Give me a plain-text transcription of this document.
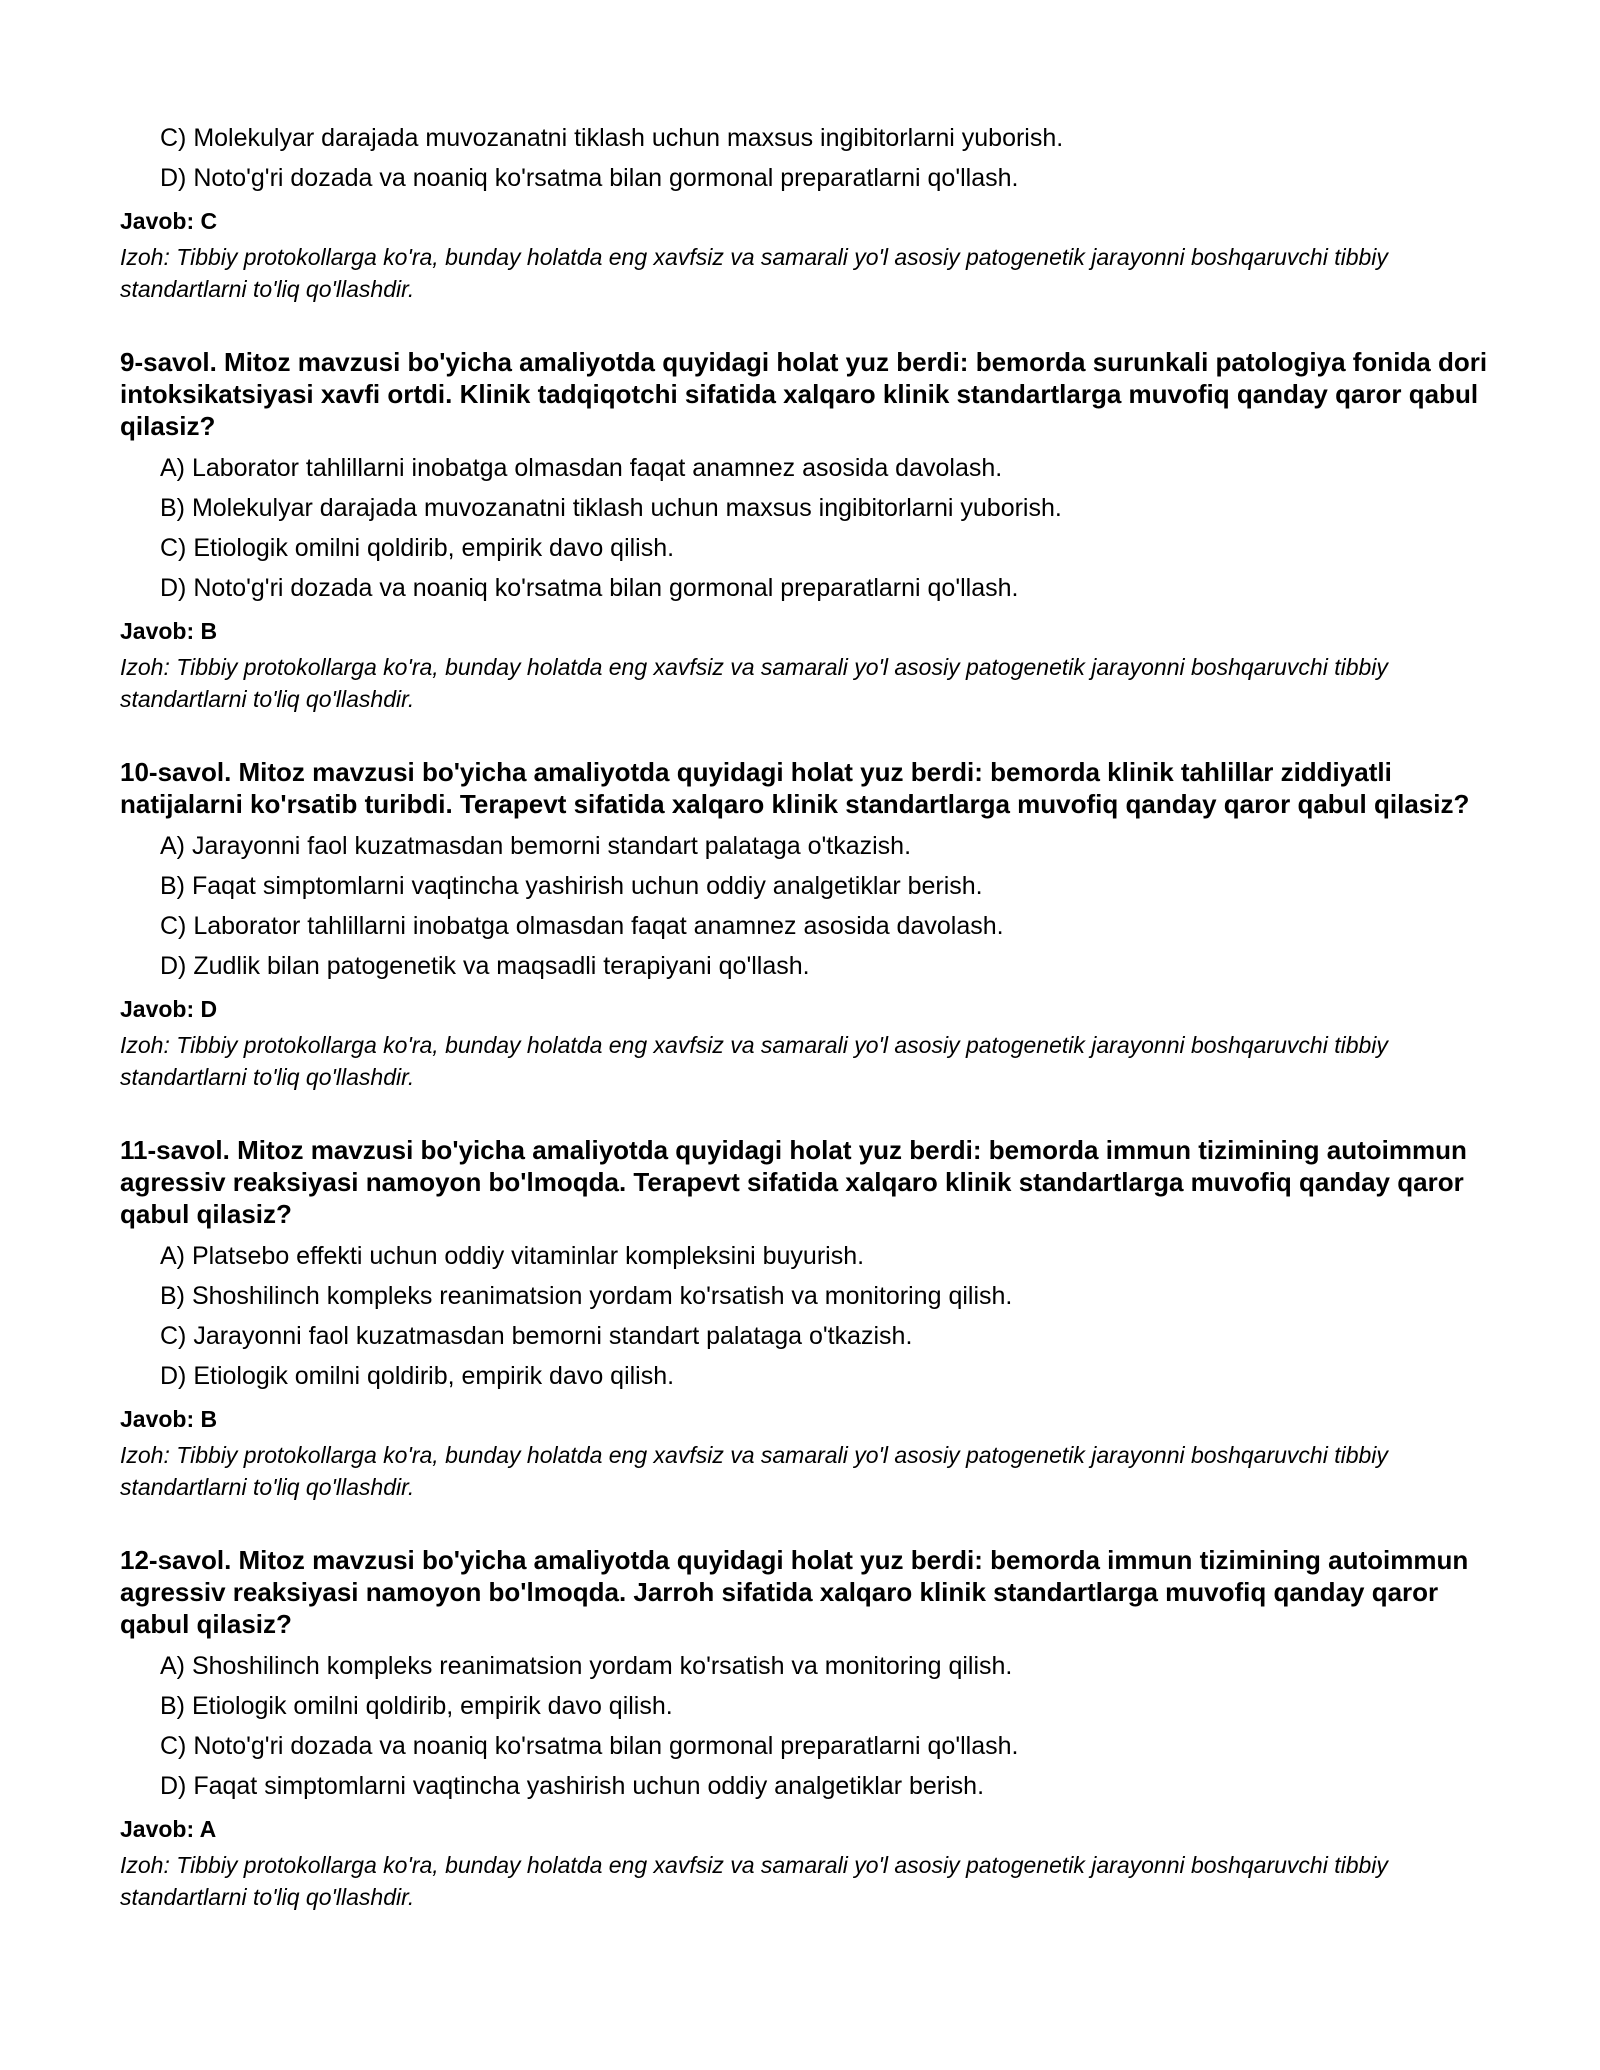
C) Molekulyar darajada muvozanatni tiklash uchun maxsus ingibitorlarni yuborish.
D) Noto'g'ri dozada va noaniq ko'rsatma bilan gormonal preparatlarni qo'llash.
Javob: C
Izoh: Tibbiy protokollarga ko'ra, bunday holatda eng xavfsiz va samarali yo'l asosiy patogenetik jarayonni boshqaruvchi tibbiy standartlarni to'liq qo'llashdir.
9-savol. Mitoz mavzusi bo'yicha amaliyotda quyidagi holat yuz berdi: bemorda surunkali patologiya fonida dori intoksikatsiyasi xavfi ortdi. Klinik tadqiqotchi sifatida xalqaro klinik standartlarga muvofiq qanday qaror qabul qilasiz?
A) Laborator tahlillarni inobatga olmasdan faqat anamnez asosida davolash.
B) Molekulyar darajada muvozanatni tiklash uchun maxsus ingibitorlarni yuborish.
C) Etiologik omilni qoldirib, empirik davo qilish.
D) Noto'g'ri dozada va noaniq ko'rsatma bilan gormonal preparatlarni qo'llash.
Javob: B
Izoh: Tibbiy protokollarga ko'ra, bunday holatda eng xavfsiz va samarali yo'l asosiy patogenetik jarayonni boshqaruvchi tibbiy standartlarni to'liq qo'llashdir.
10-savol. Mitoz mavzusi bo'yicha amaliyotda quyidagi holat yuz berdi: bemorda klinik tahlillar ziddiyatli natijalarni ko'rsatib turibdi. Terapevt sifatida xalqaro klinik standartlarga muvofiq qanday qaror qabul qilasiz?
A) Jarayonni faol kuzatmasdan bemorni standart palataga o'tkazish.
B) Faqat simptomlarni vaqtincha yashirish uchun oddiy analgetiklar berish.
C) Laborator tahlillarni inobatga olmasdan faqat anamnez asosida davolash.
D) Zudlik bilan patogenetik va maqsadli terapiyani qo'llash.
Javob: D
Izoh: Tibbiy protokollarga ko'ra, bunday holatda eng xavfsiz va samarali yo'l asosiy patogenetik jarayonni boshqaruvchi tibbiy standartlarni to'liq qo'llashdir.
11-savol. Mitoz mavzusi bo'yicha amaliyotda quyidagi holat yuz berdi: bemorda immun tizimining autoimmun agressiv reaksiyasi namoyon bo'lmoqda. Terapevt sifatida xalqaro klinik standartlarga muvofiq qanday qaror qabul qilasiz?
A) Platsebo effekti uchun oddiy vitaminlar kompleksini buyurish.
B) Shoshilinch kompleks reanimatsion yordam ko'rsatish va monitoring qilish.
C) Jarayonni faol kuzatmasdan bemorni standart palataga o'tkazish.
D) Etiologik omilni qoldirib, empirik davo qilish.
Javob: B
Izoh: Tibbiy protokollarga ko'ra, bunday holatda eng xavfsiz va samarali yo'l asosiy patogenetik jarayonni boshqaruvchi tibbiy standartlarni to'liq qo'llashdir.
12-savol. Mitoz mavzusi bo'yicha amaliyotda quyidagi holat yuz berdi: bemorda immun tizimining autoimmun agressiv reaksiyasi namoyon bo'lmoqda. Jarroh sifatida xalqaro klinik standartlarga muvofiq qanday qaror qabul qilasiz?
A) Shoshilinch kompleks reanimatsion yordam ko'rsatish va monitoring qilish.
B) Etiologik omilni qoldirib, empirik davo qilish.
C) Noto'g'ri dozada va noaniq ko'rsatma bilan gormonal preparatlarni qo'llash.
D) Faqat simptomlarni vaqtincha yashirish uchun oddiy analgetiklar berish.
Javob: A
Izoh: Tibbiy protokollarga ko'ra, bunday holatda eng xavfsiz va samarali yo'l asosiy patogenetik jarayonni boshqaruvchi tibbiy standartlarni to'liq qo'llashdir.
